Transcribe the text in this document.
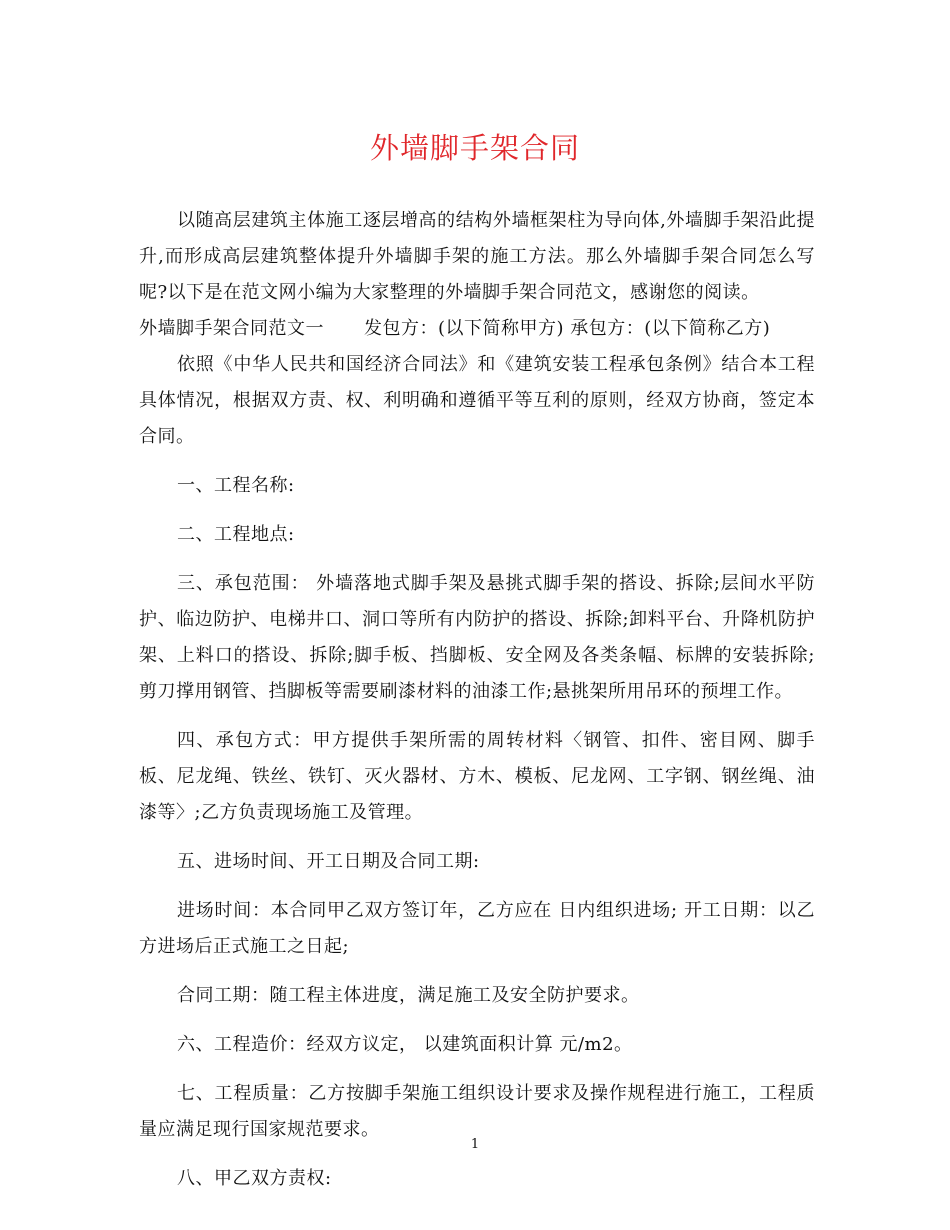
外墙脚手架合同

以随高层建筑主体施工逐层增高的结构外墙框架柱为导向体,外墙脚手架沿此提升,而形成高层建筑整体提升外墙脚手架的施工方法。那么外墙脚手架合同怎么写呢?以下是在范文网小编为大家整理的外墙脚手架合同范文，感谢您的阅读。

外墙脚手架合同范文一 发包方：(以下简称甲方) 承包方：(以下简称乙方)

依照《中华人民共和国经济合同法》和《建筑安装工程承包条例》结合本工程具体情况，根据双方责、权、利明确和遵循平等互利的原则，经双方协商，签定本合同。

一、工程名称:

二、工程地点:

三、承包范围： 外墙落地式脚手架及悬挑式脚手架的搭设、拆除;层间水平防护、临边防护、电梯井口、洞口等所有内防护的搭设、拆除;卸料平台、升降机防护架、上料口的搭设、拆除;脚手板、挡脚板、安全网及各类条幅、标牌的安装拆除;剪刀撑用钢管、挡脚板等需要刷漆材料的油漆工作;悬挑架所用吊环的预埋工作。

四、承包方式：甲方提供手架所需的周转材料〈钢管、扣件、密目网、脚手板、尼龙绳、铁丝、铁钉、灭火器材、方木、模板、尼龙网、工字钢、钢丝绳、油漆等〉;乙方负责现场施工及管理。

五、进场时间、开工日期及合同工期:

进场时间：本合同甲乙双方签订年，乙方应在 日内组织进场; 开工日期：以乙方进场后正式施工之日起;

合同工期：随工程主体进度，满足施工及安全防护要求。

六、工程造价：经双方议定， 以建筑面积计算 元/m2。

七、工程质量：乙方按脚手架施工组织设计要求及操作规程进行施工，工程质量应满足现行国家规范要求。

八、甲乙双方责权:

1
